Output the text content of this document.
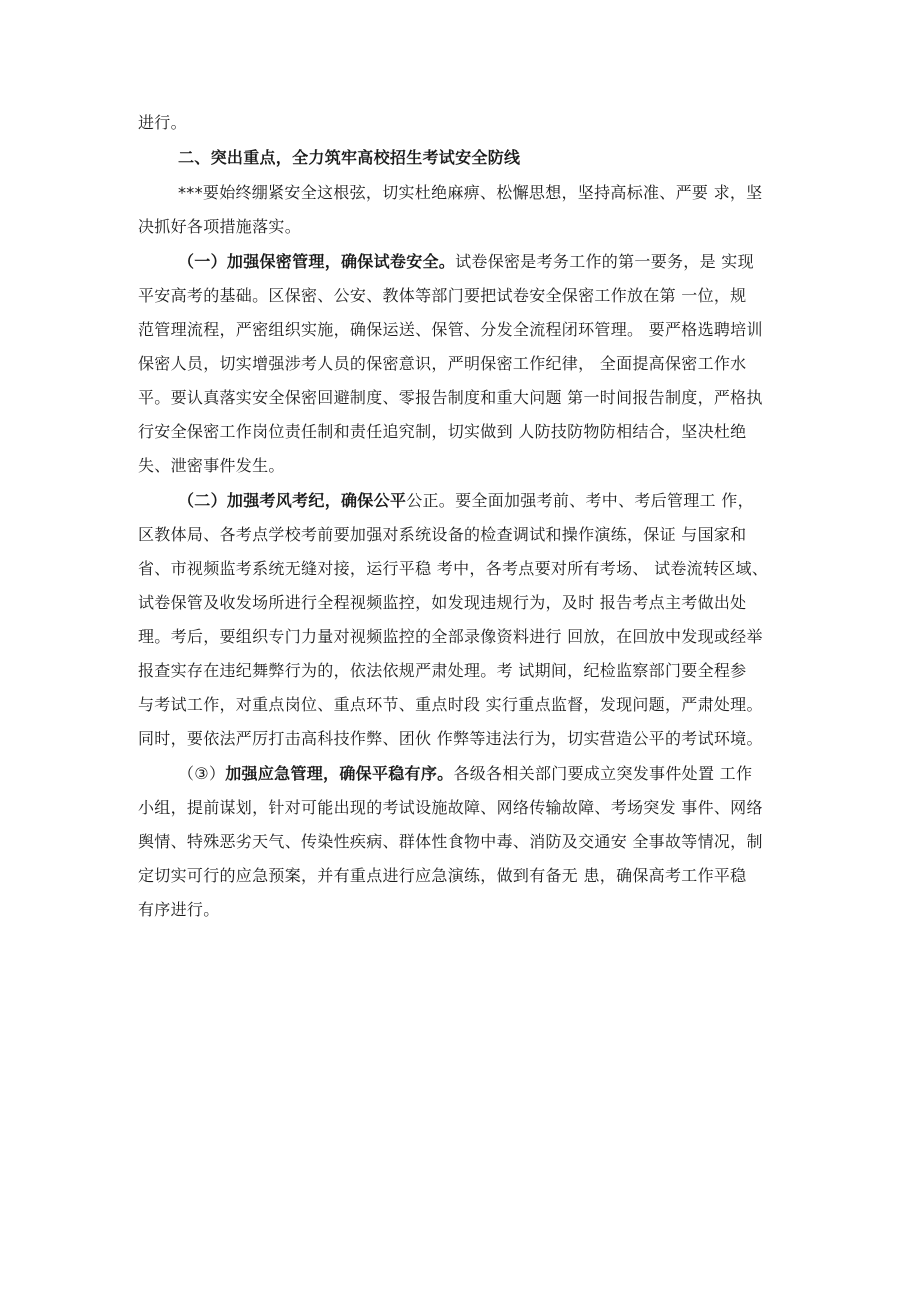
进行。
二、突出重点，全力筑牢高校招生考试安全防线
***要始终绷紧安全这根弦，切实杜绝麻痹、松懈思想，坚持高标准、严要 求，坚
决抓好各项措施落实。
（一）加强保密管理，确保试卷安全。试卷保密是考务工作的第一要务，是 实现
平安高考的基础。区保密、公安、教体等部门要把试卷安全保密工作放在第 一位，规
范管理流程，严密组织实施，确保运送、保管、分发全流程闭环管理。 要严格选聘培训
保密人员，切实增强涉考人员的保密意识，严明保密工作纪律， 全面提高保密工作水
平。要认真落实安全保密回避制度、零报告制度和重大问题 第一时间报告制度，严格执
行安全保密工作岗位责任制和责任追究制，切实做到 人防技防物防相结合，坚决杜绝
失、泄密事件发生。
（二）加强考风考纪，确保公平公正。要全面加强考前、考中、考后管理工 作，
区教体局、各考点学校考前要加强对系统设备的检查调试和操作演练，保证 与国家和
省、市视频监考系统无缝对接，运行平稳 考中，各考点要对所有考场、 试卷流转区域、
试卷保管及收发场所进行全程视频监控，如发现违规行为，及时 报告考点主考做出处
理。考后，要组织专门力量对视频监控的全部录像资料进行 回放，在回放中发现或经举
报查实存在违纪舞弊行为的，依法依规严肃处理。考 试期间，纪检监察部门要全程参
与考试工作，对重点岗位、重点环节、重点时段 实行重点监督，发现问题，严肃处理。
同时，要依法严厉打击高科技作弊、团伙 作弊等违法行为，切实营造公平的考试环境。
（③）加强应急管理，确保平稳有序。各级各相关部门要成立突发事件处置 工作
小组，提前谋划，针对可能出现的考试设施故障、网络传输故障、考场突发 事件、网络
舆情、特殊恶劣天气、传染性疾病、群体性食物中毒、消防及交通安 全事故等情况，制
定切实可行的应急预案，并有重点进行应急演练，做到有备无 患，确保高考工作平稳
有序进行。
